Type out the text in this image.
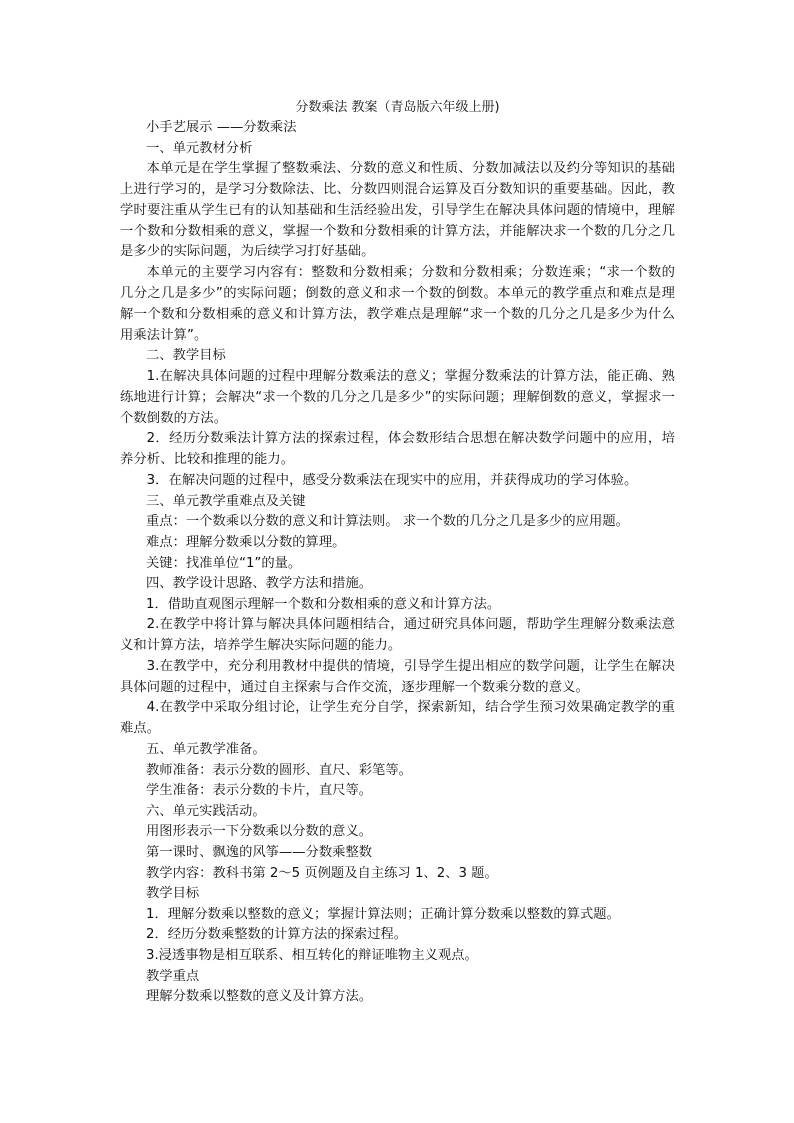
分数乘法 教案（青岛版六年级上册)
小手艺展示 ——分数乘法
一、单元教材分析

本单元是在学生掌握了整数乘法、分数的意义和性质、分数加减法以及约分等知识的基础上进行学习的，是学习分数除法、比、分数四则混合运算及百分数知识的重要基础。因此，教学时要注重从学生已有的认知基础和生活经验出发，引导学生在解决具体问题的情境中，理解一个数和分数相乘的意义，掌握一个数和分数相乘的计算方法，并能解决求一个数的几分之几是多少的实际问题，为后续学习打好基础。

本单元的主要学习内容有：整数和分数相乘；分数和分数相乘；分数连乘；“求一个数的几分之几是多少”的实际问题；倒数的意义和求一个数的倒数。本单元的教学重点和难点是理解一个数和分数相乘的意义和计算方法，教学难点是理解“求一个数的几分之几是多少为什么用乘法计算”。

二、教学目标

1.在解决具体问题的过程中理解分数乘法的意义；掌握分数乘法的计算方法，能正确、熟练地进行计算；会解决“求一个数的几分之几是多少”的实际问题；理解倒数的意义，掌握求一个数倒数的方法。

2．经历分数乘法计算方法的探索过程，体会数形结合思想在解决数学问题中的应用，培养分析、比较和推理的能力。

3．在解决问题的过程中，感受分数乘法在现实中的应用，并获得成功的学习体验。

三、单元教学重难点及关键
重点：一个数乘以分数的意义和计算法则。 求一个数的几分之几是多少的应用题。
难点：理解分数乘以分数的算理。
关键：找准单位“1”的量。
四、教学设计思路、教学方法和措施。
1．借助直观图示理解一个数和分数相乘的意义和计算方法。

2.在教学中将计算与解决具体问题相结合，通过研究具体问题，帮助学生理解分数乘法意义和计算方法，培养学生解决实际问题的能力。

3.在教学中，充分利用教材中提供的情境，引导学生提出相应的数学问题，让学生在解决具体问题的过程中，通过自主探索与合作交流，逐步理解一个数乘分数的意义。

4.在教学中采取分组讨论，让学生充分自学，探索新知，结合学生预习效果确定教学的重难点。

五、单元教学准备。
教师准备：表示分数的圆形、直尺、彩笔等。
学生准备：表示分数的卡片，直尺等。
六、单元实践活动。
用图形表示一下分数乘以分数的意义。
第一课时、飘逸的风筝——分数乘整数
教学内容：教科书第 2～5 页例题及自主练习 1、2、3 题。
教学目标
1．理解分数乘以整数的意义；掌握计算法则；正确计算分数乘以整数的算式题。
2．经历分数乘整数的计算方法的探索过程。
3.浸透事物是相互联系、相互转化的辩证唯物主义观点。
教学重点
理解分数乘以整数的意义及计算方法。
